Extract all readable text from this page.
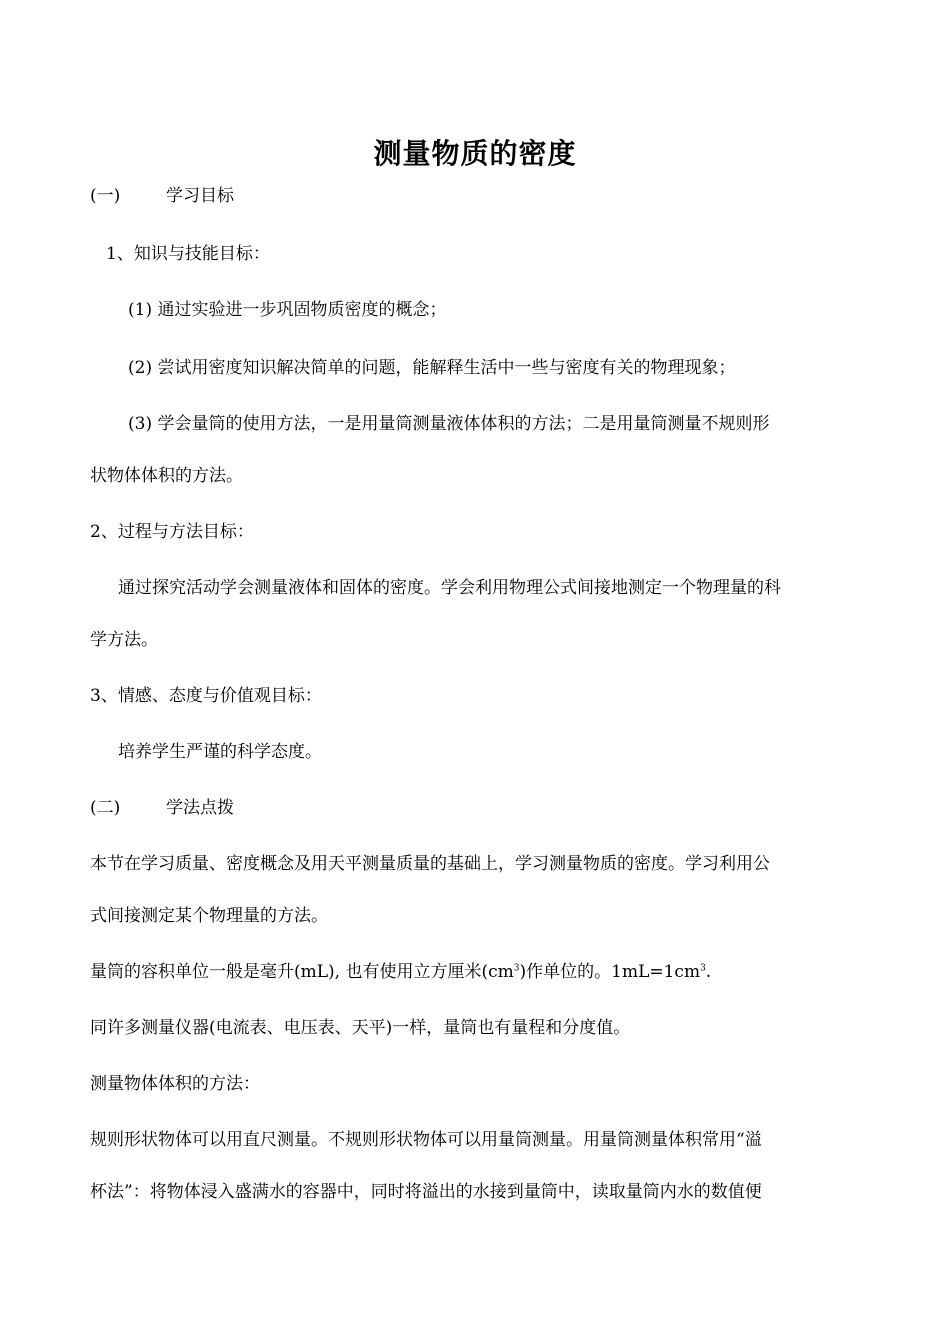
测量物质的密度
(一)	学习目标
1、知识与技能目标：
(1) 通过实验进一步巩固物质密度的概念；
(2) 尝试用密度知识解决简单的问题，能解释生活中一些与密度有关的物理现象；
(3) 学会量筒的使用方法，一是用量筒测量液体体积的方法；二是用量筒测量不规则形
状物体体积的方法。
2、过程与方法目标：
通过探究活动学会测量液体和固体的密度。学会利用物理公式间接地测定一个物理量的科
学方法。
3、情感、态度与价值观目标：
培养学生严谨的科学态度。
(二)	学法点拨
本节在学习质量、密度概念及用天平测量质量的基础上，学习测量物质的密度。学习利用公
式间接测定某个物理量的方法。
量筒的容积单位一般是毫升(mL), 也有使用立方厘米$(cm^3)$作单位的。$1mL=1cm^3$.
同许多测量仪器(电流表、电压表、天平)一样，量筒也有量程和分度值。
测量物体体积的方法：
规则形状物体可以用直尺测量。不规则形状物体可以用量筒测量。用量筒测量体积常用“溢
杯法”：将物体浸入盛满水的容器中，同时将溢出的水接到量筒中，读取量筒内水的数值便
